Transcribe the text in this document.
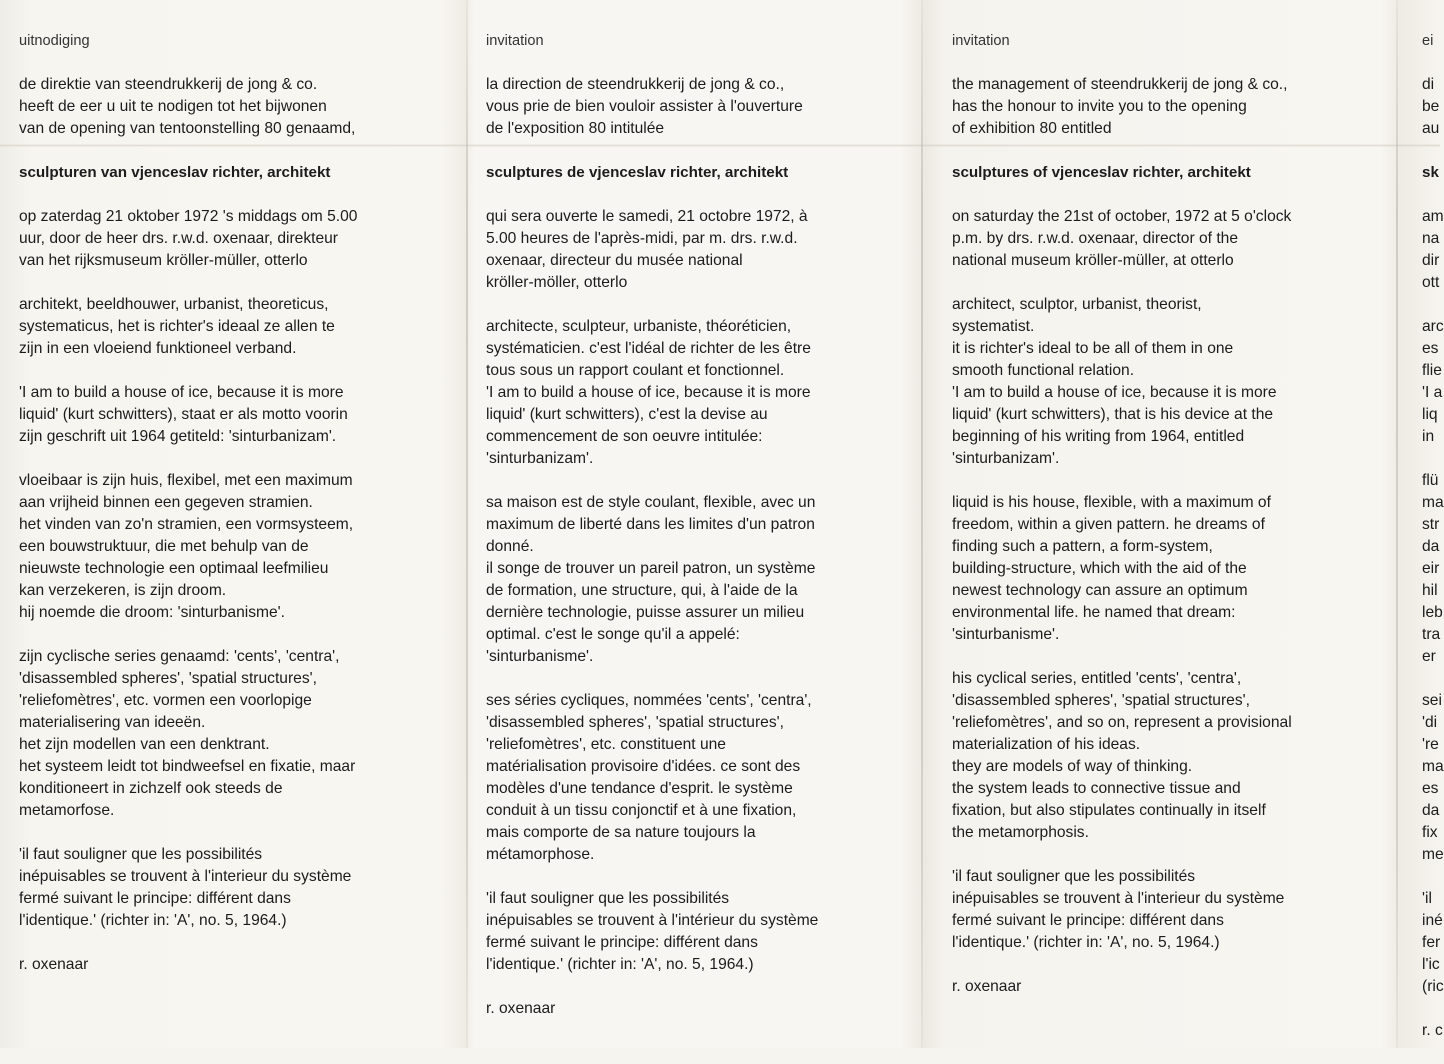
uitnodiging

de direktie van steendrukkerij de jong & co.
heeft de eer u uit te nodigen tot het bijwonen
van de opening van tentoonstelling 80 genaamd,

sculpturen van vjenceslav richter, architekt

op zaterdag 21 oktober 1972 's middags om 5.00
uur, door de heer drs. r.w.d. oxenaar, direkteur
van het rijksmuseum kröller-müller, otterlo

architekt, beeldhouwer, urbanist, theoreticus,
systematicus, het is richter's ideaal ze allen te
zijn in een vloeiend funktioneel verband.

'I am to build a house of ice, because it is more
liquid' (kurt schwitters), staat er als motto voorin
zijn geschrift uit 1964 getiteld: 'sinturbanizam'.

vloeibaar is zijn huis, flexibel, met een maximum
aan vrijheid binnen een gegeven stramien.
het vinden van zo'n stramien, een vormsysteem,
een bouwstruktuur, die met behulp van de
nieuwste technologie een optimaal leefmilieu
kan verzekeren, is zijn droom.
hij noemde die droom: 'sinturbanisme'.

zijn cyclische series genaamd: 'cents', 'centra',
'disassembled spheres', 'spatial structures',
'reliefomètres', etc. vormen een voorlopige
materialisering van ideeën.
het zijn modellen van een denktrant.
het systeem leidt tot bindweefsel en fixatie, maar
konditioneert in zichzelf ook steeds de
metamorfose.

'il faut souligner que les possibilités
inépuisables se trouvent à l'interieur du système
fermé suivant le principe: différent dans
l'identique.' (richter in: 'A', no. 5, 1964.)

r. oxenaar

invitation

la direction de steendrukkerij de jong & co.,
vous prie de bien vouloir assister à l'ouverture
de l'exposition 80 intitulée

sculptures de vjenceslav richter, architekt

qui sera ouverte le samedi, 21 octobre 1972, à
5.00 heures de l'après-midi, par m. drs. r.w.d.
oxenaar, directeur du musée national
kröller-möller, otterlo

architecte, sculpteur, urbaniste, théoréticien,
systématicien. c'est l'idéal de richter de les être
tous sous un rapport coulant et fonctionnel.
'I am to build a house of ice, because it is more
liquid' (kurt schwitters), c'est la devise au
commencement de son oeuvre intitulée:
'sinturbanizam'.

sa maison est de style coulant, flexible, avec un
maximum de liberté dans les limites d'un patron
donné.
il songe de trouver un pareil patron, un système
de formation, une structure, qui, à l'aide de la
dernière technologie, puisse assurer un milieu
optimal. c'est le songe qu'il a appelé:
'sinturbanisme'.

ses séries cycliques, nommées 'cents', 'centra',
'disassembled spheres', 'spatial structures',
'reliefomètres', etc. constituent une
matérialisation provisoire d'idées. ce sont des
modèles d'une tendance d'esprit. le système
conduit à un tissu conjonctif et à une fixation,
mais comporte de sa nature toujours la
métamorphose.

'il faut souligner que les possibilités
inépuisables se trouvent à l'intérieur du système
fermé suivant le principe: différent dans
l'identique.' (richter in: 'A', no. 5, 1964.)

r. oxenaar

invitation

the management of steendrukkerij de jong & co.,
has the honour to invite you to the opening
of exhibition 80 entitled

sculptures of vjenceslav richter, architekt

on saturday the 21st of october, 1972 at 5 o'clock
p.m. by drs. r.w.d. oxenaar, director of the
national museum kröller-müller, at otterlo

architect, sculptor, urbanist, theorist,
systematist.
it is richter's ideal to be all of them in one
smooth functional relation.
'I am to build a house of ice, because it is more
liquid' (kurt schwitters), that is his device at the
beginning of his writing from 1964, entitled
'sinturbanizam'.

liquid is his house, flexible, with a maximum of
freedom, within a given pattern. he dreams of
finding such a pattern, a form-system,
building-structure, which with the aid of the
newest technology can assure an optimum
environmental life. he named that dream:
'sinturbanisme'.

his cyclical series, entitled 'cents', 'centra',
'disassembled spheres', 'spatial structures',
'reliefomètres', and so on, represent a provisional
materialization of his ideas.
they are models of way of thinking.
the system leads to connective tissue and
fixation, but also stipulates continually in itself
the metamorphosis.

'il faut souligner que les possibilités
inépuisables se trouvent à l'interieur du système
fermé suivant le principe: différent dans
l'identique.' (richter in: 'A', no. 5, 1964.)

r. oxenaar

ei

di
be
au

sk

am
na
dir
ott

arc
es
flie
'I a
liq
in

flü
ma
str
da
eir
hil
leb
tra
er

sei
'di
're
ma
es
da
fix
me

'il
iné
fer
l'ic
(ric

r. c
